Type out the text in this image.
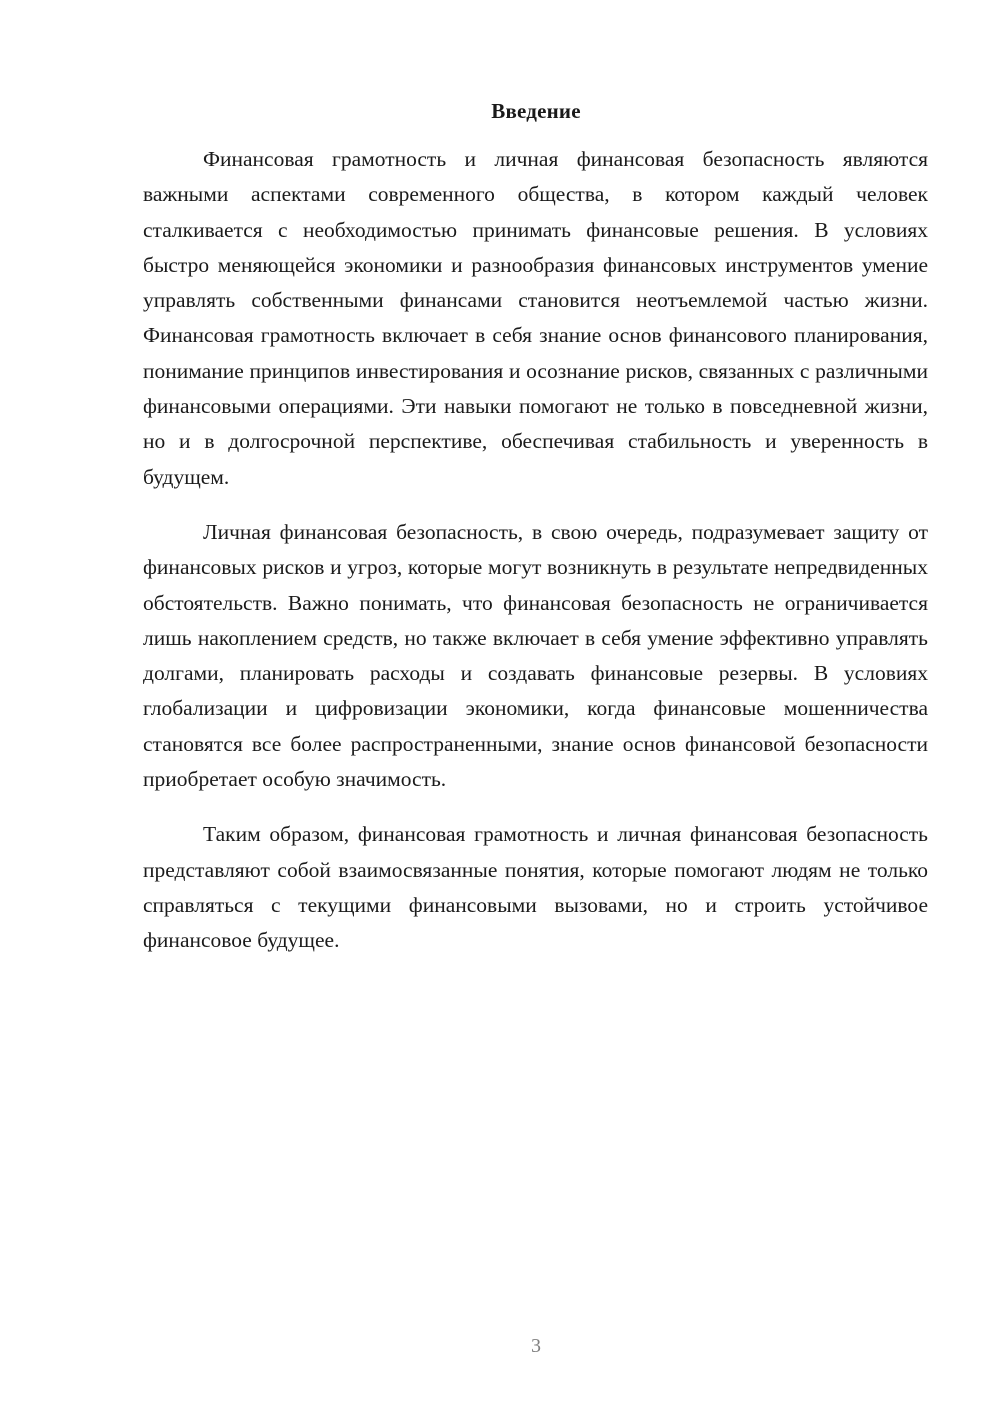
Введение

Финансовая грамотность и личная финансовая безопасность являются важными аспектами современного общества, в котором каждый человек сталкивается с необходимостью принимать финансовые решения. В условиях быстро меняющейся экономики и разнообразия финансовых инструментов умение управлять собственными финансами становится неотъемлемой частью жизни. Финансовая грамотность включает в себя знание основ финансового планирования, понимание принципов инвестирования и осознание рисков, связанных с различными финансовыми операциями. Эти навыки помогают не только в повседневной жизни, но и в долгосрочной перспективе, обеспечивая стабильность и уверенность в будущем.

Личная финансовая безопасность, в свою очередь, подразумевает защиту от финансовых рисков и угроз, которые могут возникнуть в результате непредвиденных обстоятельств. Важно понимать, что финансовая безопасность не ограничивается лишь накоплением средств, но также включает в себя умение эффективно управлять долгами, планировать расходы и создавать финансовые резервы. В условиях глобализации и цифровизации экономики, когда финансовые мошенничества становятся все более распространенными, знание основ финансовой безопасности приобретает особую значимость.

Таким образом, финансовая грамотность и личная финансовая безопасность представляют собой взаимосвязанные понятия, которые помогают людям не только справляться с текущими финансовыми вызовами, но и строить устойчивое финансовое будущее.

3
